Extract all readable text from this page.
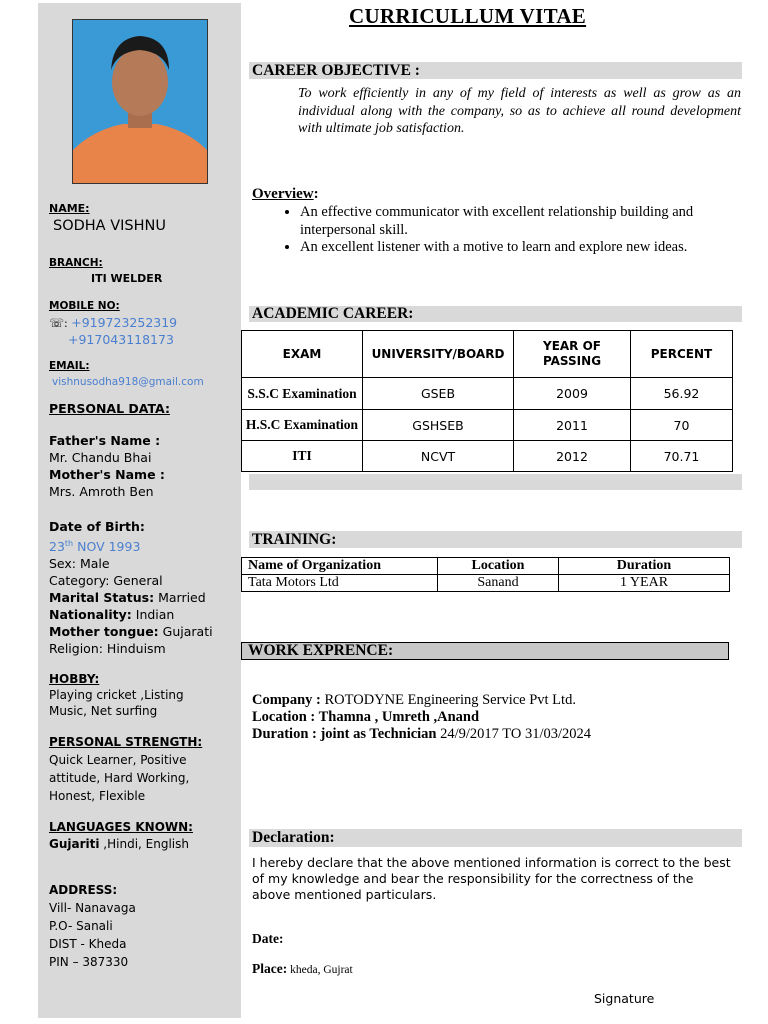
NAME:
SODHA VISHNU
BRANCH:
ITI WELDER
MOBILE NO:
☏: +919723252319
+917043118173
EMAIL:
vishnusodha918@gmail.com
PERSONAL DATA:
Father's Name :
Mr. Chandu Bhai
Mother's Name :
Mrs. Amroth Ben
Date of Birth:
23th NOV 1993
Sex: Male
Category: General
Marital Status: Married
Nationality: Indian
Mother tongue: Gujarati
Religion: Hinduism
HOBBY:
Playing cricket ,Listing
Music, Net surfing
PERSONAL STRENGTH:
Quick Learner, Positive
attitude, Hard Working,
Honest, Flexible
LANGUAGES KNOWN:
Gujariti ,Hindi, English
ADDRESS:
Vill- Nanavaga
P.O- Sanali
DIST - Kheda
PIN – 387330
CURRICULLUM VITAE
CAREER OBJECTIVE :
To work efficiently in any of my field of interests as well as grow as an individual along with the company, so as to achieve all round development with ultimate job satisfaction.
Overview:
• An effective communicator with excellent relationship building and interpersonal skill.
• An excellent listener with a motive to learn and explore new ideas.
ACADEMIC CAREER:
EXAM	UNIVERSITY/BOARD	YEAR OF PASSING	PERCENT
S.S.C Examination	GSEB	2009	56.92
H.S.C Examination	GSHSEB	2011	70
ITI	NCVT	2012	70.71
TRAINING:
Name of Organization	Location	Duration
Tata Motors Ltd	Sanand	1 YEAR
WORK EXPRENCE:
Company : ROTODYNE Engineering Service Pvt Ltd.
Location : Thamna , Umreth ,Anand
Duration : joint as Technician 24/9/2017 TO 31/03/2024
Declaration:
I hereby declare that the above mentioned information is correct to the best of my knowledge and bear the responsibility for the correctness of the above mentioned particulars.
Date:
Place: kheda, Gujrat
Signature
